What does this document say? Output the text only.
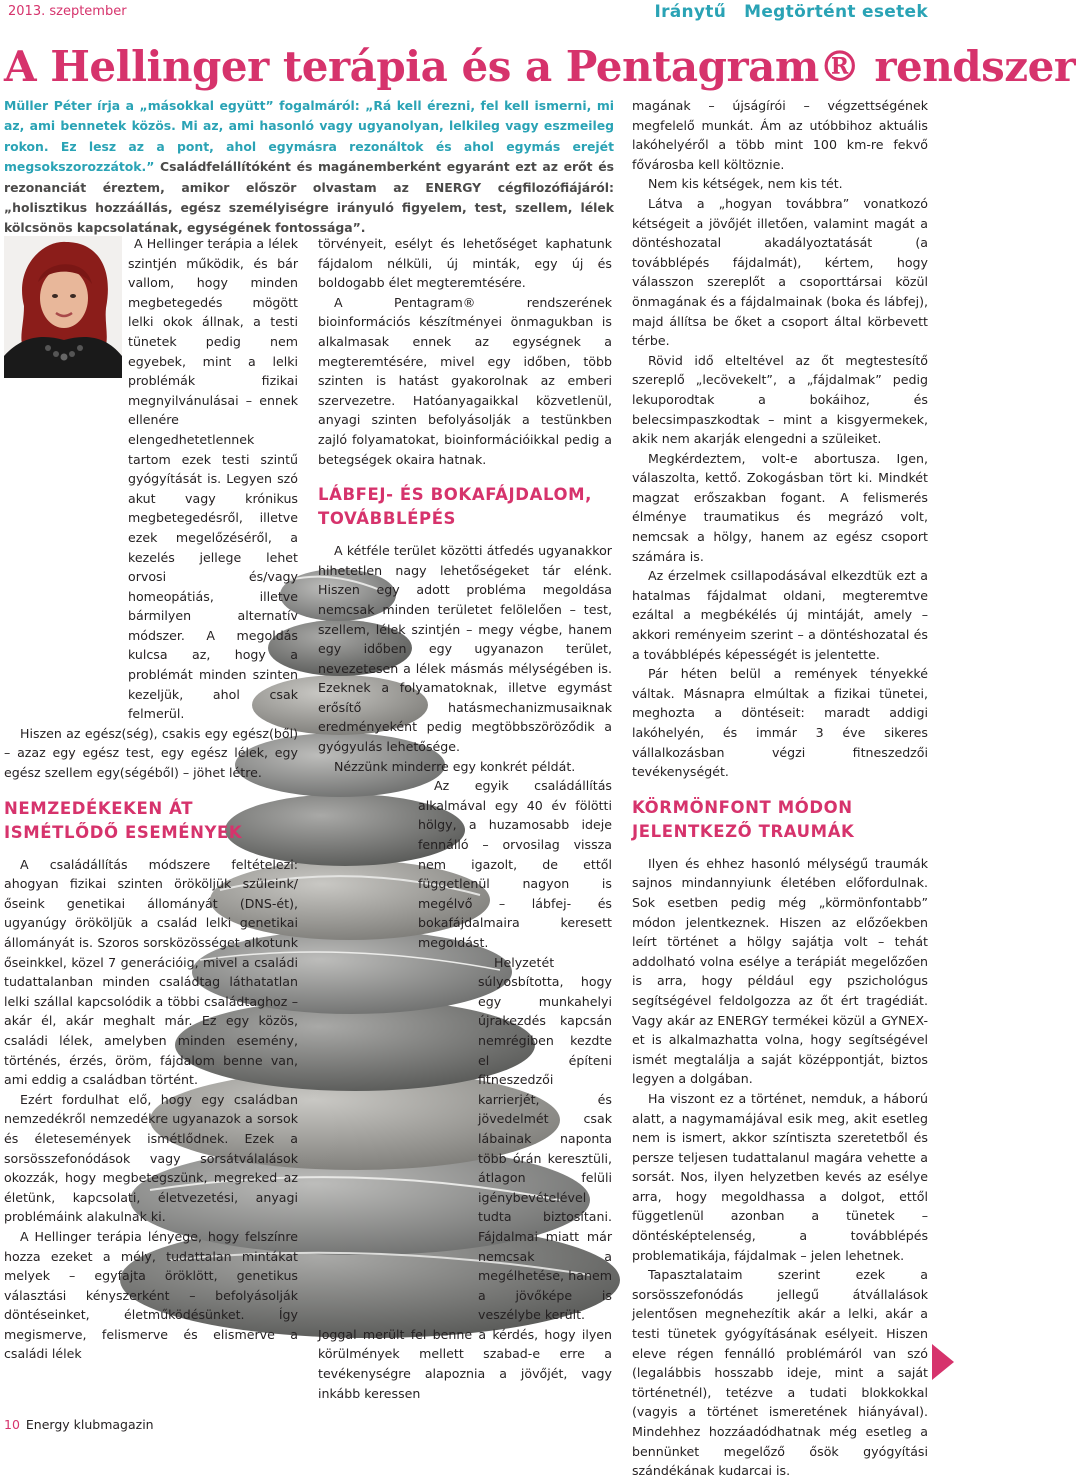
2013. szeptember	Iránytű Megtörtént esetek
A Hellinger terápia és a Pentagram® rendszer
Müller Péter írja a „másokkal együtt” fogalmáról: „Rá kell érezni, fel kell ismerni, mi az, ami bennetek közös. Mi az, ami hasonló vagy ugyanolyan, lelkileg vagy eszmeileg rokon. Ez lesz az a pont, ahol egymásra rezonáltok és ahol egymás erejét megsokszorozzátok.” Családfelállítóként és magánemberként egyaránt ezt az erőt és rezonanciát éreztem, amikor először olvastam az ENERGY cégfilozófiájáról: „holisztikus hozzáállás, egész személyiségre irányuló figyelem, test, szellem, lélek kölcsönös kapcsolatának, egységének fontossága”.

A Hellinger terápia a lélek szintjén működik, és bár vallom, hogy minden megbetegedés mögött lelki okok állnak, a testi tünetek pedig nem egyebek, mint a lelki problémák fizikai megnyilvánulásai – ennek ellenére elengedhetetlennek tartom ezek testi szintű gyógyítását is. Legyen szó akut vagy krónikus megbetegedésről, illetve ezek megelőzéséről, a kezelés jellege lehet orvosi és/vagy homeopátiás, illetve bármilyen alternatív módszer. A megoldás kulcsa az, hogy a problémát minden szinten kezeljük, ahol csak felmerül.

Hiszen az egész(ség), csakis egy egész(ből) – azaz egy egész test, egy egész lélek, egy egész szellem egy(ségéből) – jöhet létre.

NEMZEDÉKEKEN ÁT ISMÉTLŐDŐ ESEMÉNYEK

A családállítás módszere feltételezi: ahogyan fizikai szinten örököljük szüleink/őseink genetikai állományát (DNS-ét), ugyanúgy örököljük a család lelki genetikai állományát is. Szoros sorsközösséget alkotunk őseinkkel, közel 7 generációig, mivel a családi tudattalanban minden családtag láthatatlan lelki szállal kapcsolódik a többi családtaghoz – akár él, akár meghalt már. Ez egy közös, családi lélek, amelyben minden esemény, történés, érzés, öröm, fájdalom benne van, ami eddig a családban történt.

Ezért fordulhat elő, hogy egy családban nemzedékről nemzedékre ugyanazok a sorsok és életesemények ismétlődnek. Ezek a sorsösszefonódások vagy sorsátválalások okozzák, hogy megbetegszünk, megreked az életünk, kapcsolati, életvezetési, anyagi problémáink alakulnak ki.

A Hellinger terápia lényege, hogy felszínre hozza ezeket a mély, tudattalan mintákat melyek – egyfajta öröklött, genetikus választási kényszerként – befolyásolják döntéseinket, életműködésünket. Így megismerve, felismerve és elismerve a családi lélek

törvényeit, esélyt és lehetőséget kaphatunk fájdalom nélküli, új minták, egy új és boldogabb élet megteremtésére.

A Pentagram® rendszerének bioinformációs készítményei önmagukban is alkalmasak ennek az egységnek a megteremtésére, mivel egy időben, több szinten is hatást gyakorolnak az emberi szervezetre. Hatóanyagaikkal közvetlenül, anyagi szinten befolyásolják a testünkben zajló folyamatokat, bioinformációikkal pedig a betegségek okaira hatnak.

LÁBFEJ- ÉS BOKAFÁJDALOM, TOVÁBBLÉPÉS

A kétféle terület közötti átfedés ugyanakkor hihetetlen nagy lehetőségeket tár elénk. Hiszen egy adott probléma megoldása nemcsak minden területet felölelően – test, szellem, lélek szintjén – megy végbe, hanem egy időben egy ugyanazon terület, nevezetesen a lélek másmás mélységében is. Ezeknek a folyamatoknak, illetve egymást erősítő hatásmechanizmusaiknak eredményeként pedig megtöbbszöröződik a gyógyulás lehetősége.

Nézzünk minderre egy konkrét példát.

Az egyik családállítás alkalmával egy 40 év fölötti hölgy, a huzamosabb ideje fennálló – orvosilag vissza nem igazolt, de ettől függetlenül nagyon is megélvő – lábfej- és bokafájdalmaira keresett megoldást.

Helyzetét súlyosbította, hogy egy munkahelyi újrakezdés kapcsán nemrégiben kezdte el építeni fitneszedzői karrierjét, és jövedelmét csak lábainak naponta több órán keresztüli, átlagon felüli igénybevételével tudta biztosítani. Fájdalmai miatt már nemcsak a megélhetése, hanem a jövőképe is veszélybe került.

Joggal merült fel benne a kérdés, hogy ilyen körülmények mellett szabad-e erre a tevékenységre alapoznia a jövőjét, vagy inkább keressen

magának – újságírói – végzettségének megfelelő munkát. Ám az utóbbihoz aktuális lakóhelyéről a több mint 100 km-re fekvő fővárosba kell költöznie.

Nem kis kétségek, nem kis tét.

Látva a „hogyan továbbra” vonatkozó kétségeit a jövőjét illetően, valamint magát a döntéshozatal akadályoztatását (a továbblépés fájdalmát), kértem, hogy válasszon szereplőt a csoporttársai közül önmagának és a fájdalmainak (boka és lábfej), majd állítsa be őket a csoport által körbevett térbe.

Rövid idő elteltével az őt megtestesítő szereplő „lecövekelt”, a „fájdalmak” pedig lekuporodtak a bokáihoz, és belecsimpaszkodtak – mint a kisgyermekek, akik nem akarják elengedni a szüleiket.

Megkérdeztem, volt-e abortusza. Igen, válaszolta, kettő. Zokogásban tört ki. Mindkét magzat erőszakban fogant. A felismerés élménye traumatikus és megrázó volt, nemcsak a hölgy, hanem az egész csoport számára is.

Az érzelmek csillapodásával elkezdtük ezt a hatalmas fájdalmat oldani, megteremtve ezáltal a megbékélés új mintáját, amely – akkori reményeim szerint – a döntéshozatal és a továbblépés képességét is jelentette.

Pár héten belül a remények tényekké váltak. Másnapra elmúltak a fizikai tünetei, meghozta a döntéseit: maradt addigi lakóhelyén, és immár 3 éve sikeres vállalkozásban végzi fitneszedzői tevékenységét.

KÖRMÖNFONT MÓDON JELENTKEZŐ TRAUMÁK

Ilyen és ehhez hasonló mélységű traumák sajnos mindannyiunk életében előfordulnak. Sok esetben pedig még „körmönfontabb” módon jelentkeznek. Hiszen az előzőekben leírt történet a hölgy sajátja volt – tehát addolható volna esélye a terápiát megelőzően is arra, hogy például egy pszichológus segítségével feldolgozza az őt ért tragédiát. Vagy akár az ENERGY termékei közül a GYNEX-et is alkalmazhatta volna, hogy segítségével ismét megtalálja a saját középpontját, biztos legyen a dolgában.

Ha viszont ez a történet, nemduk, a háború alatt, a nagymamájával esik meg, akit esetleg nem is ismert, akkor színtiszta szeretetből és persze teljesen tudattalanul magára vehette a sorsát. Nos, ilyen helyzetben kevés az esélye arra, hogy megoldhassa a dolgot, ettől függetlenül azonban a tünetek – döntésképtelenség, a továbblépés problematikája, fájdalmak – jelen lehetnek.

Tapasztalataim szerint ezek a sorsösszefonódás jellegű átvállalások jelentősen megnehezítik akár a lelki, akár a testi tünetek gyógyításának esélyeit. Hiszen eleve régen fennálló problémáról van szó (legalábbis hosszabb ideje, mint a saját történetnél), tetézve a tudati blokkokkal (vagyis a történet ismeretének hiányával). Mindehhez hozzáadódhatnak még esetleg a bennünket megelőző ősök gyógyítási szándékának kudarcai is.

10 Energy klubmagazin
